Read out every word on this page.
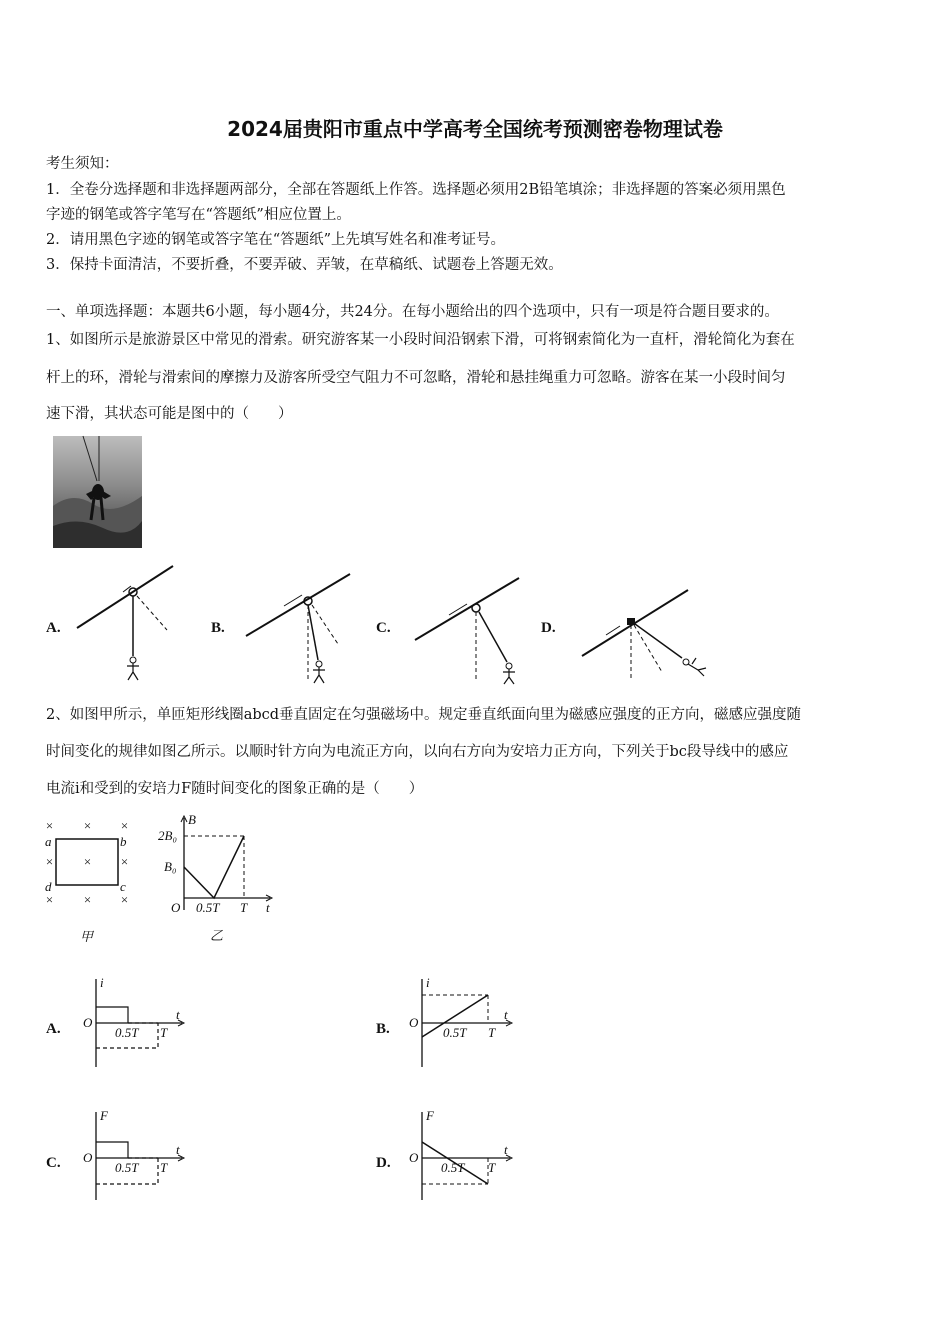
2024届贵阳市重点中学高考全国统考预测密卷物理试卷
考生须知：
1．全卷分选择题和非选择题两部分，全部在答题纸上作答。选择题必须用2B铅笔填涂；非选择题的答案必须用黑色
字迹的钢笔或答字笔写在“答题纸”相应位置上。
2．请用黑色字迹的钢笔或答字笔在“答题纸”上先填写姓名和准考证号。
3．保持卡面清洁，不要折叠，不要弄破、弄皱，在草稿纸、试题卷上答题无效。
一、单项选择题：本题共6小题，每小题4分，共24分。在每小题给出的四个选项中，只有一项是符合题目要求的。
1、如图所示是旅游景区中常见的滑索。研究游客某一小段时间沿钢索下滑，可将钢索简化为一直杆，滑轮简化为套在
杆上的环，滑轮与滑索间的摩擦力及游客所受空气阻力不可忽略，滑轮和悬挂绳重力可忽略。游客在某一小段时间匀
速下滑，其状态可能是图中的（　　）
A.	B.	C.	D.
2、如图甲所示，单匝矩形线圈abcd垂直固定在匀强磁场中。规定垂直纸面向里为磁感应强度的正方向，磁感应强度随
时间变化的规律如图乙所示。以顺时针方向为电流正方向，以向右方向为安培力正方向，下列关于bc段导线中的感应
电流i和受到的安培力F随时间变化的图象正确的是（　　）
× × ×
× × ×
× × ×
a	b
c
d
甲
B
2B₀
B₀
O 0.5T T t
乙
A.	B.
C.	D.
i
O
0.5T T
t
i
O
0.5T T
t
F
O
0.5T T
t
F
O
0.5T T
t
